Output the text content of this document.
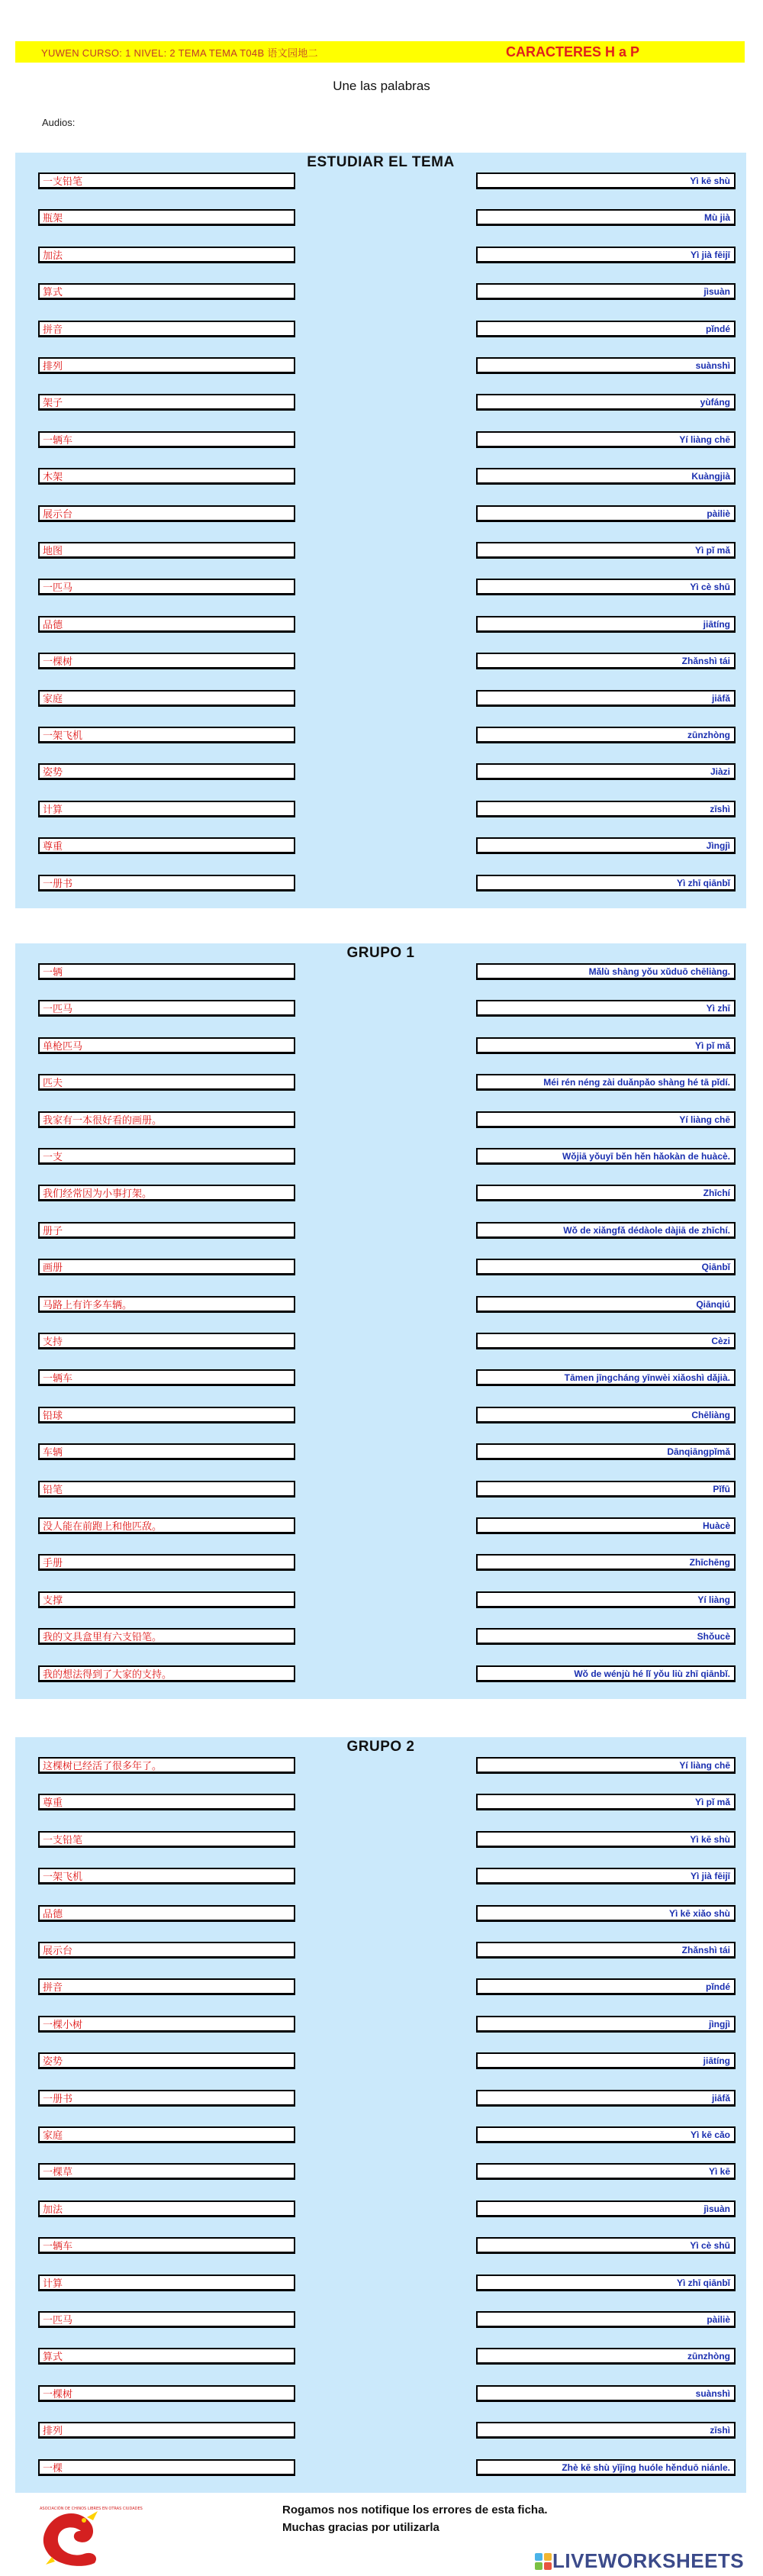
YUWEN CURSO: 1 NIVEL: 2 TEMA TEMA T04B 语文园地二	CARACTERES H a P
Une las palabras
Audios:
ESTUDIAR EL TEMA
一支铅笔	Yì kē shù
瓶架	Mù jià
加法	Yì jià fēijī
算式	jìsuàn
拼音	pǐndé
排列	suànshì
架子	yùfáng
一辆车	Yí liàng chē
木架	Kuàngjià
展示台	pàiliè
地图	Yì pǐ mǎ
一匹马	Yì cè shū
品德	jiātíng
一棵树	Zhǎnshì tái
家庭	jiāfǎ
一架飞机	zūnzhòng
姿势	Jiàzi
计算	zīshì
尊重	Jìngjì
一册书	Yì zhī qiānbǐ
GRUPO 1
一辆	Mǎlù shàng yǒu xǔduō chēliàng.
一匹马	Yì zhī
单枪匹马	Yì pǐ mǎ
匹夫	Méi rén néng zài duǎnpǎo shàng hé tā pǐdí.
我家有一本很好看的画册。	Yí liàng chē
一支	Wǒjiā yǒuyī běn hěn hǎokàn de huàcè.
我们经常因为小事打架。	Zhīchí
册子	Wǒ de xiǎngfǎ dédàole dàjiā de zhīchí.
画册	Qiānbǐ
马路上有许多车辆。	Qiānqiú
支持	Cèzi
一辆车	Tāmen jīngcháng yīnwèi xiǎoshì dǎjià.
铅球	Chēliàng
车辆	Dānqiāngpǐmǎ
铅笔	Pǐfū
没人能在前跑上和他匹敌。	Huàcè
手册	Zhīchēng
支撑	Yí liàng
我的文具盒里有六支铅笔。	Shǒucè
我的想法得到了大家的支持。	Wǒ de wénjù hé lǐ yǒu liù zhī qiānbǐ.
GRUPO 2
这棵树已经活了很多年了。	Yí liàng chē
尊重	Yì pǐ mǎ
一支铅笔	Yì kē shù
一架飞机	Yì jià fēijī
品德	Yì kē xiǎo shù
展示台	Zhǎnshì tái
拼音	pǐndé
一棵小树	jìngjì
姿势	jiātíng
一册书	jiāfǎ
家庭	Yì kē cǎo
一棵草	Yì kē
加法	jìsuàn
一辆车	Yì cè shū
计算	Yì zhī qiānbǐ
一匹马	pàiliè
算式	zūnzhòng
一棵树	suànshì
排列	zīshì
一棵	Zhè kē shù yǐjīng huóle hěnduō niánle.
ASOCIACIÓN DE CHINOS LIBRES EN OTRAS CIUDADES	Rogamos nos notifique los errores de esta ficha.
Muchas gracias por utilizarla
LIVEWORKSHEETS
